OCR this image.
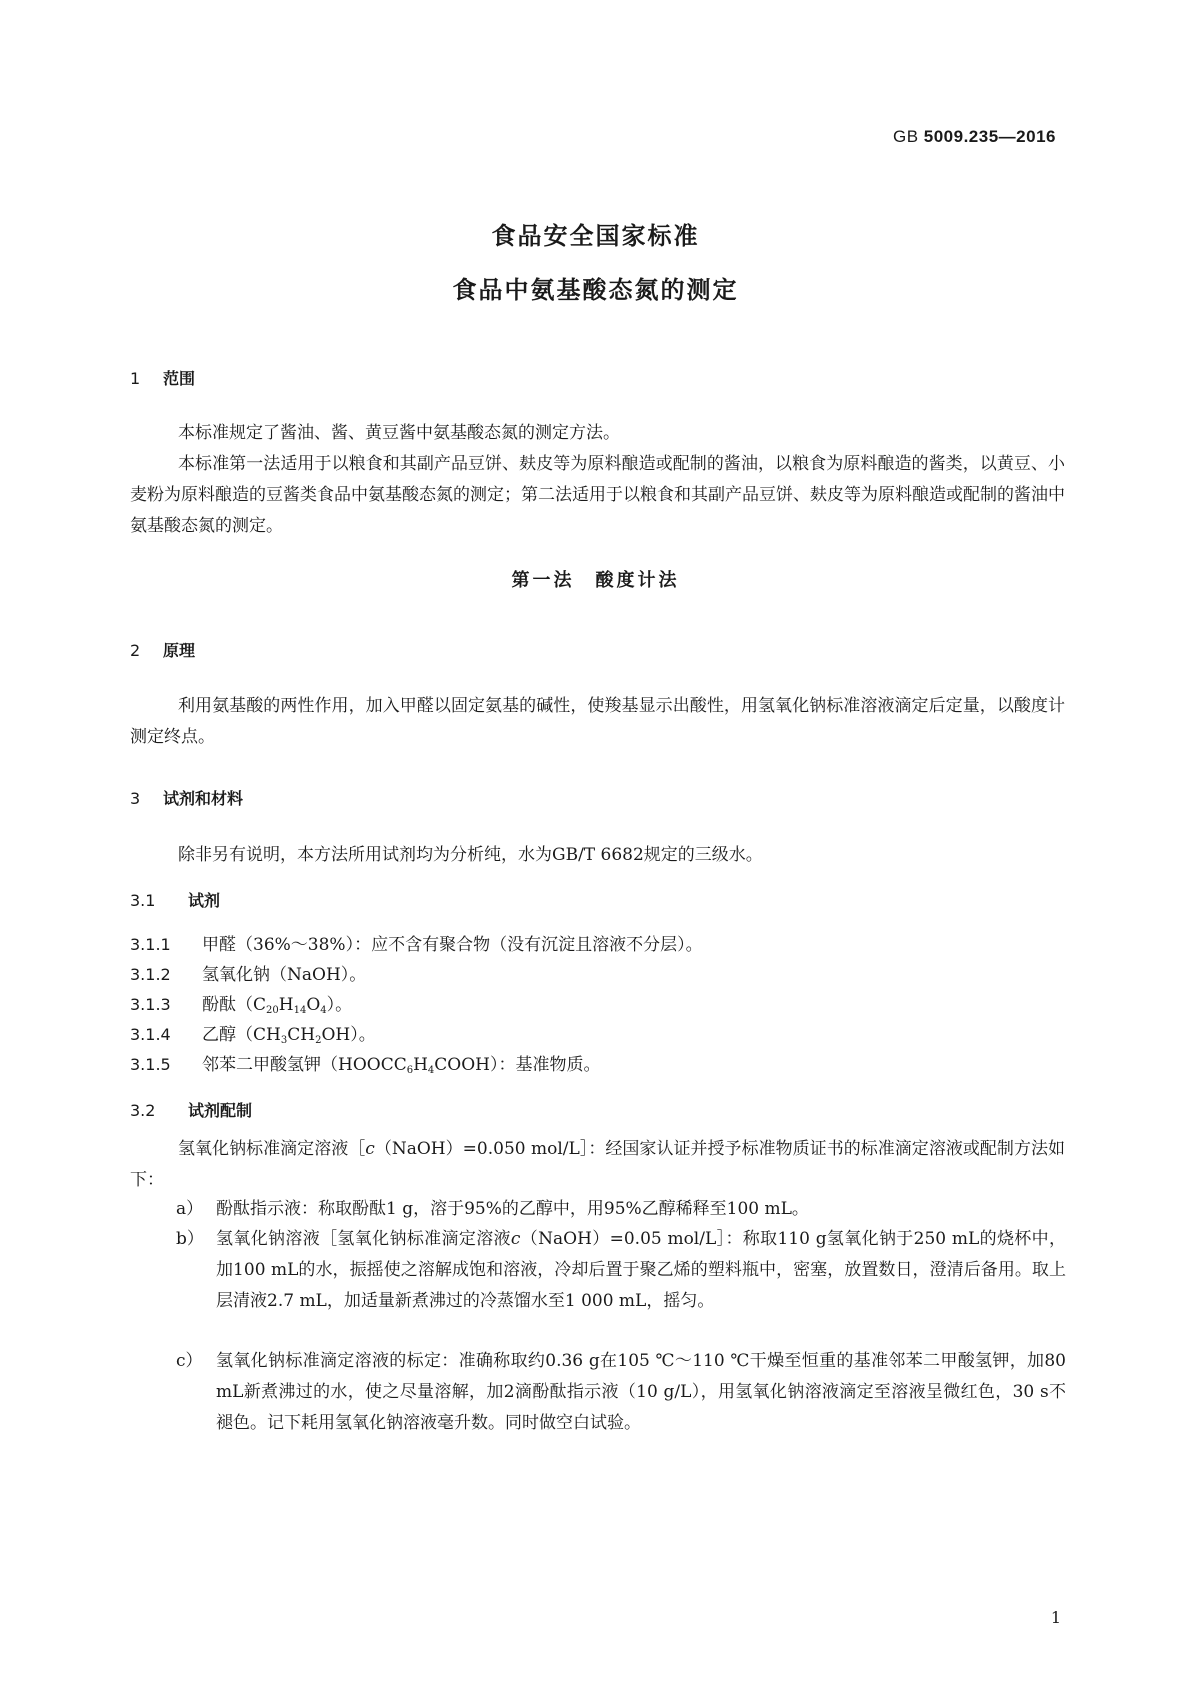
GB 5009.235—2016
食品安全国家标准
食品中氨基酸态氮的测定
1 范围
本标准规定了酱油、酱、黄豆酱中氨基酸态氮的测定方法。
本标准第一法适用于以粮食和其副产品豆饼、麸皮等为原料酿造或配制的酱油，以粮食为原料酿造的酱类，以黄豆、小麦粉为原料酿造的豆酱类食品中氨基酸态氮的测定；第二法适用于以粮食和其副产品豆饼、麸皮等为原料酿造或配制的酱油中氨基酸态氮的测定。
第一法　酸度计法
2 原理
利用氨基酸的两性作用，加入甲醛以固定氨基的碱性，使羧基显示出酸性，用氢氧化钠标准溶液滴定后定量，以酸度计测定终点。
3 试剂和材料
除非另有说明，本方法所用试剂均为分析纯，水为GB/T 6682规定的三级水。
3.1 试剂
3.1.1 甲醛（36%～38%）：应不含有聚合物（没有沉淀且溶液不分层）。
3.1.2 氢氧化钠（NaOH）。
3.1.3 酚酞$(C_{20}H_{14}O_4)$。
3.1.4 乙醇$(CH_3CH_2OH)$。
3.1.5 邻苯二甲酸氢钾$(HOOCC_6H_4COOH)$：基准物质。
3.2 试剂配制
氢氧化钠标准滴定溶液［c（NaOH）=0.050 mol/L］：经国家认证并授予标准物质证书的标准滴定溶液或配制方法如下：
a） 酚酞指示液：称取酚酞1 g，溶于95%的乙醇中，用95%乙醇稀释至100 mL。
b） 氢氧化钠溶液［氢氧化钠标准滴定溶液c（NaOH）=0.05 mol/L］：称取110 g氢氧化钠于250 mL的烧杯中，加100 mL的水，振摇使之溶解成饱和溶液，冷却后置于聚乙烯的塑料瓶中，密塞，放置数日，澄清后备用。取上层清液2.7 mL，加适量新煮沸过的冷蒸馏水至1 000 mL，摇匀。
c） 氢氧化钠标准滴定溶液的标定：准确称取约0.36 g在105 ℃～110 ℃干燥至恒重的基准邻苯二甲酸氢钾，加80 mL新煮沸过的水，使之尽量溶解，加2滴酚酞指示液（10 g/L），用氢氧化钠溶液滴定至溶液呈微红色，30 s不褪色。记下耗用氢氧化钠溶液毫升数。同时做空白试验。
1
